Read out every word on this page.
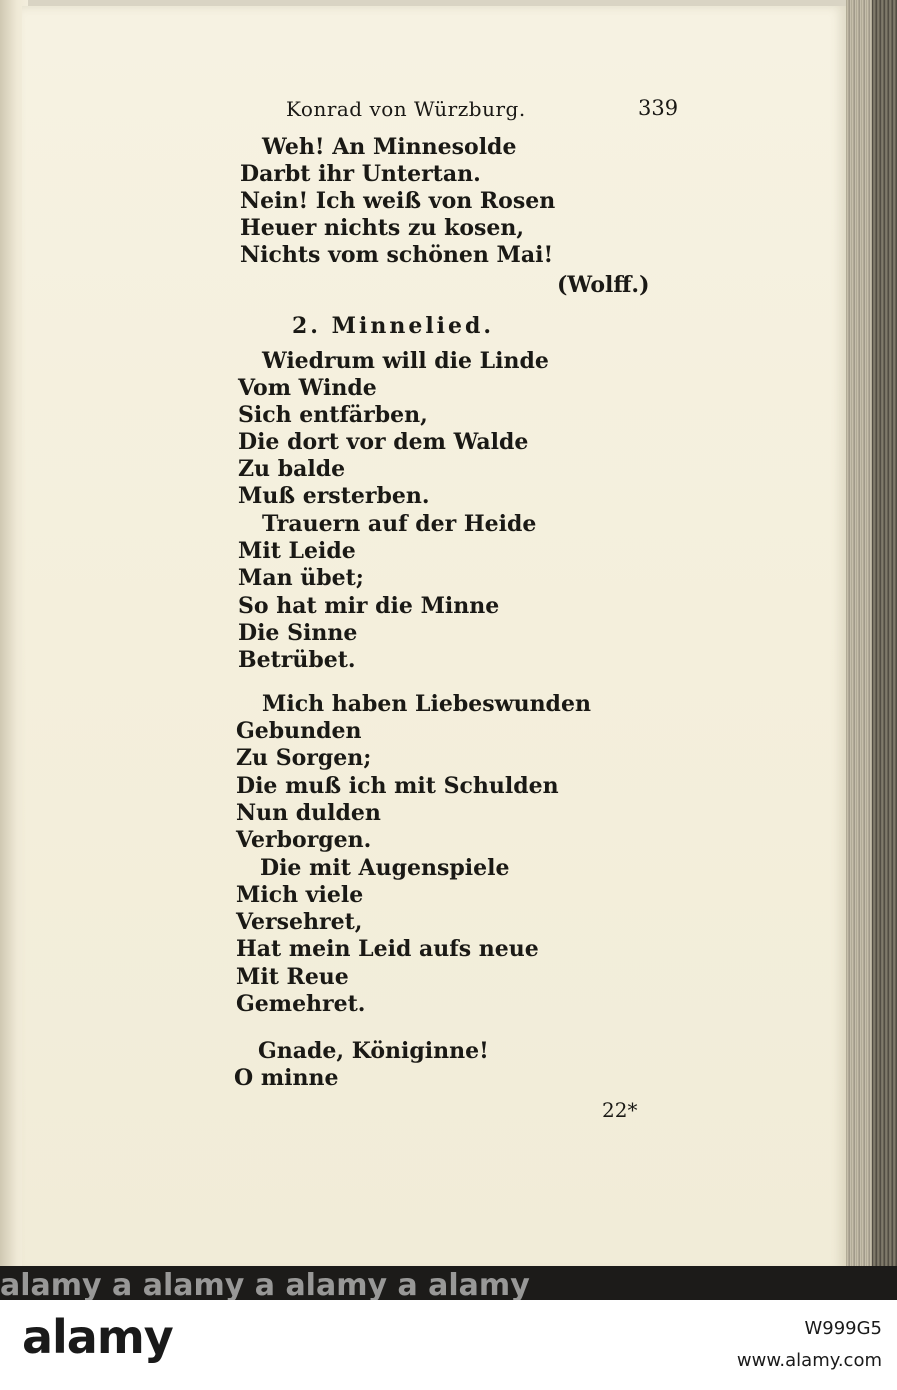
Konrad von Würzburg.	339
Weh! An Minnesolde
Darbt ihr Untertan.
Nein! Ich weiß von Rosen
Heuer nichts zu kosen,
Nichts vom schönen Mai!
(Wolff.)
2. Minnelied.
Wiedrum will die Linde
Vom Winde
Sich entfärben,
Die dort vor dem Walde
Zu balde
Muß ersterben.
Trauern auf der Heide
Mit Leide
Man übet;
So hat mir die Minne
Die Sinne
Betrübet.
Mich haben Liebeswunden
Gebunden
Zu Sorgen;
Die muß ich mit Schulden
Nun dulden
Verborgen.
Die mit Augenspiele
Mich viele
Versehret,
Hat mein Leid aufs neue
Mit Reue
Gemehret.
Gnade, Königinne!
O minne
22*
alamy a alamy a alamy a alamy
alamy	W999G5
www.alamy.com
